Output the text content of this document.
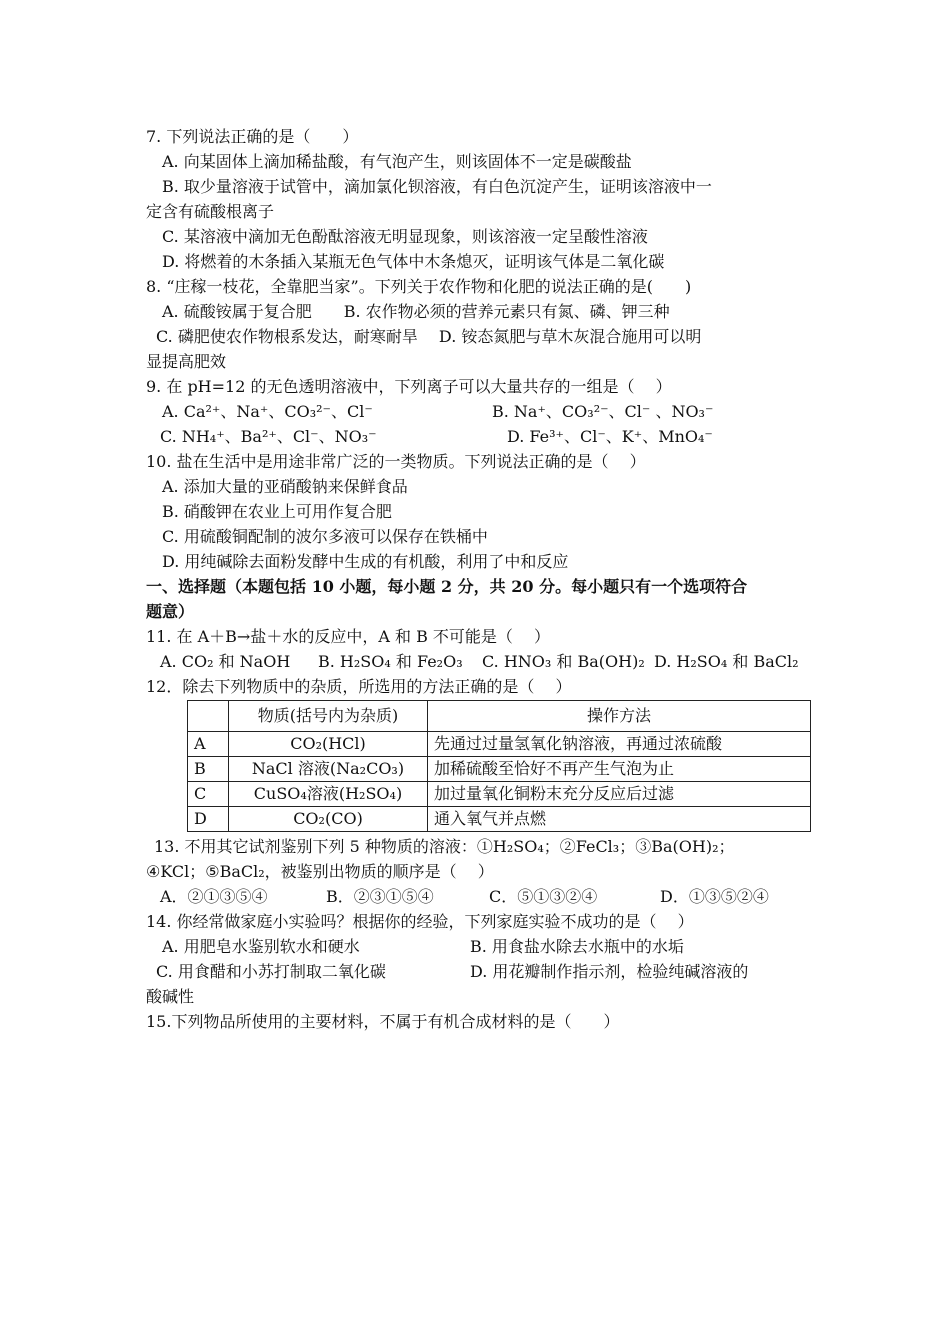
7. 下列说法正确的是（　　）
A. 向某固体上滴加稀盐酸，有气泡产生，则该固体不一定是碳酸盐
B. 取少量溶液于试管中，滴加氯化钡溶液，有白色沉淀产生，证明该溶液中一
定含有硫酸根离子
C. 某溶液中滴加无色酚酞溶液无明显现象，则该溶液一定呈酸性溶液
D. 将燃着的木条插入某瓶无色气体中木条熄灭，证明该气体是二氧化碳
8. “庄稼一枝花，全靠肥当家”。下列关于农作物和化肥的说法正确的是(　　)
A. 硫酸铵属于复合肥　　B. 农作物必须的营养元素只有氮、磷、钾三种
C. 磷肥使农作物根系发达，耐寒耐旱　 D. 铵态氮肥与草木灰混合施用可以明
显提高肥效
9. 在 pH=12 的无色透明溶液中，下列离子可以大量共存的一组是（　 ）
A. Ca²⁺、Na⁺、CO₃²⁻、Cl⁻	B. Na⁺、CO₃²⁻、Cl⁻ 、NO₃⁻
C. NH₄⁺、Ba²⁺、Cl⁻、NO₃⁻	D. Fe³⁺、Cl⁻、K⁺、MnO₄⁻
10. 盐在生活中是用途非常广泛的一类物质。下列说法正确的是（　 ）
A. 添加大量的亚硝酸钠来保鲜食品
B. 硝酸钾在农业上可用作复合肥
C. 用硫酸铜配制的波尔多液可以保存在铁桶中
D. 用纯碱除去面粉发酵中生成的有机酸，利用了中和反应
一、选择题（本题包括 10 小题，每小题 2 分，共 20 分。每小题只有一个选项符合
题意）
11. 在 A＋B→盐＋水的反应中，A 和 B 不可能是（　 ）
A. CO₂ 和 NaOH	B. H₂SO₄ 和 Fe₂O₃	C. HNO₃ 和 Ba(OH)₂ D. H₂SO₄ 和 BaCl₂
12．除去下列物质中的杂质，所选用的方法正确的是（　 ）
	物质(括号内为杂质)	操作方法
A	CO₂(HCl)	先通过过量氢氧化钠溶液，再通过浓硫酸
B	NaCl 溶液(Na₂CO₃)	加稀硫酸至恰好不再产生气泡为止
C	CuSO₄溶液(H₂SO₄)	加过量氧化铜粉末充分反应后过滤
D	CO₂(CO)	通入氧气并点燃
13. 不用其它试剂鉴别下列 5 种物质的溶液：①H₂SO₄；②FeCl₃；③Ba(OH)₂；
④KCl；⑤BaCl₂，被鉴别出物质的顺序是（　 ）
A．②①③⑤④	B．②③①⑤④	C．⑤①③②④	D．①③⑤②④
14. 你经常做家庭小实验吗？根据你的经验，下列家庭实验不成功的是（　 ）
A. 用肥皂水鉴别软水和硬水	B. 用食盐水除去水瓶中的水垢
C. 用食醋和小苏打制取二氧化碳	D. 用花瓣制作指示剂，检验纯碱溶液的
酸碱性
15.下列物品所使用的主要材料，不属于有机合成材料的是（　　）
